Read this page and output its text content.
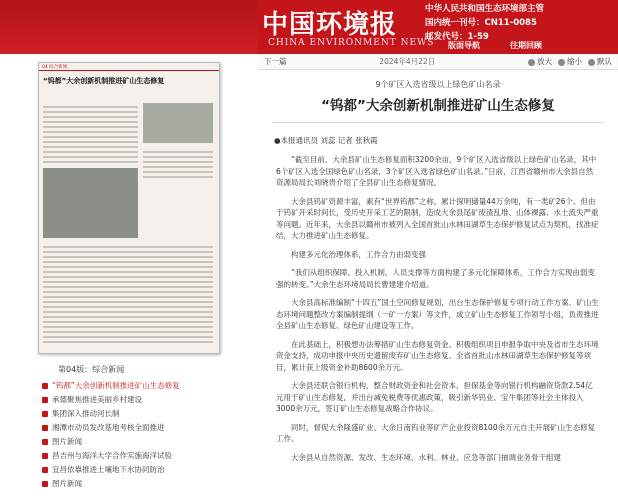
中国环境报
CHINA ENVIRONMENT NEWS
中华人民共和国生态环境部主管
国内统一刊号：CN11-0085
邮发代号：1-59
版面导航	往期回顾
04 综合新闻
“钨都”大余创新机制推进矿山生态修复
第04版：综合新闻
“钨都”大余创新机制推进矿山生态修复
承德聚焦推进美丽乡村建设
集团深入推动河长制
湘潭市动员发改基地考核全面推进
图片新闻
昌吉州与海洋大学合作实施海洋试验
宜昌依靠推进土壤地下水协同防治
图片新闻
下一篇	2024年4月22日	放大	缩小	默认
9个矿区入选省级以上绿色矿山名录
“钨都”大余创新机制推进矿山生态修复
●本报通讯员 刘蕊 记者 张秋霞

“截至目前，大余县矿山生态修复面积3200余亩，9个矿区入选省级以上绿色矿山名录，其中6个矿区入选全国绿色矿山名录，3个矿区入选省绿色矿山名录。”日前，江西省赣州市大余县自然资源局局长刘晓贵介绍了全县矿山生态修复情况。

大余县钨矿资源丰富，素有“世界钨都”之称，累计探明储量44万余吨，有一类矿26个。但由于钨矿开采时间长，受历史开采工艺的限制，造成大余县尾矿废渣乱堆、山体裸露、水土流失严重等问题。近年来，大余县以赣州市被列入全国首批山水林田湖草生态保护修复试点为契机，找准症结，大力推进矿山生态修复。

构建多元化治理体系，工作合力由弱变强

“我们从组织保障、投入机制、人员支撑等方面构建了多元化保障体系，工作合力实现由弱变强的转变。”大余生态环境局局长曹建建介绍道。

大余县高标准编制“十四五”国土空间修复规划，出台生态保护修复专项行动工作方案、矿山生态环境问题整改方案编制提纲（一矿一方案）等文件，成立矿山生态修复工作领导小组，负责推进全县矿山生态修复、绿色矿山建设等工作。

在此基础上，积极想办法筹措矿山生态修复资金。积极组织项目申报争取中央及省市生态环境资金支持，成功申报中央历史遗留废弃矿山生态修复、全省首批山水林田湖草生态保护修复等项目，累计获上级资金补助8600余万元。

大余县还联合银行机构，整合财政资金和社会资本，担保基金等向银行机构融资贷款2.54亿元用于矿山生态修复，并出台减免税费等优惠政策，吸引新华钨业、宝牛集团等社会主体投入3000余万元，签订矿山生态修复战略合作协议。

同时，督促大余隆盛矿业、大余日南钨业等矿产企业投资8100余万元自主开展矿山生态修复工作。

大余县从自然资源、发改、生态环境、水利、林业、应急等部门抽调业务骨干组建
